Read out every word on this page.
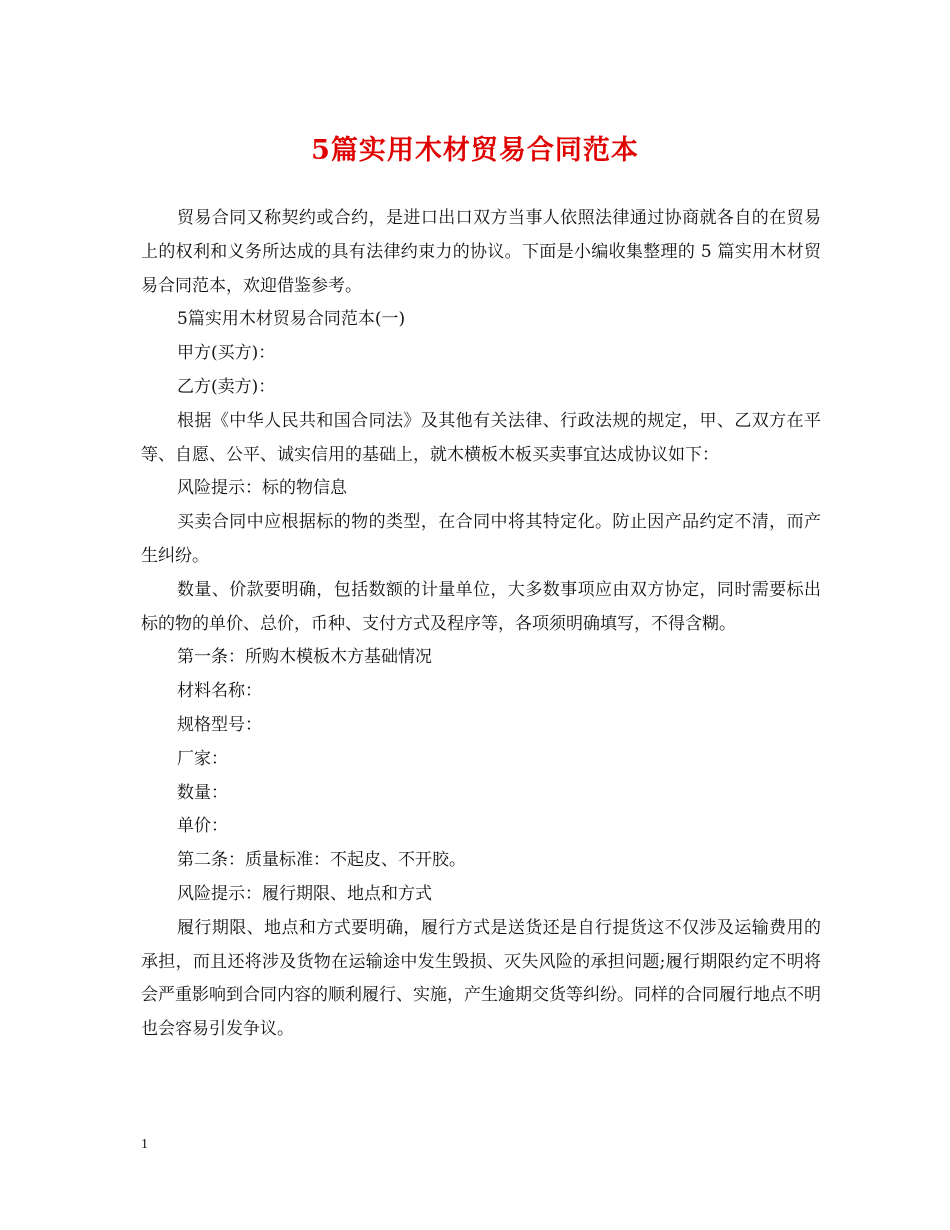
5篇实用木材贸易合同范本

贸易合同又称契约或合约，是进口出口双方当事人依照法律通过协商就各自的在贸易上的权利和义务所达成的具有法律约束力的协议。下面是小编收集整理的 5 篇实用木材贸易合同范本，欢迎借鉴参考。

5篇实用木材贸易合同范本(一)

甲方(买方)：

乙方(卖方)：

根据《中华人民共和国合同法》及其他有关法律、行政法规的规定，甲、乙双方在平等、自愿、公平、诚实信用的基础上，就木横板木板买卖事宜达成协议如下：

风险提示：标的物信息

买卖合同中应根据标的物的类型，在合同中将其特定化。防止因产品约定不清，而产生纠纷。

数量、价款要明确，包括数额的计量单位，大多数事项应由双方协定，同时需要标出标的物的单价、总价，币种、支付方式及程序等，各项须明确填写，不得含糊。

第一条：所购木模板木方基础情况

材料名称：

规格型号：

厂家：

数量：

单价：

第二条：质量标准：不起皮、不开胶。

风险提示：履行期限、地点和方式

履行期限、地点和方式要明确，履行方式是送货还是自行提货这不仅涉及运输费用的承担，而且还将涉及货物在运输途中发生毁损、灭失风险的承担问题;履行期限约定不明将会严重影响到合同内容的顺利履行、实施，产生逾期交货等纠纷。同样的合同履行地点不明也会容易引发争议。

1
